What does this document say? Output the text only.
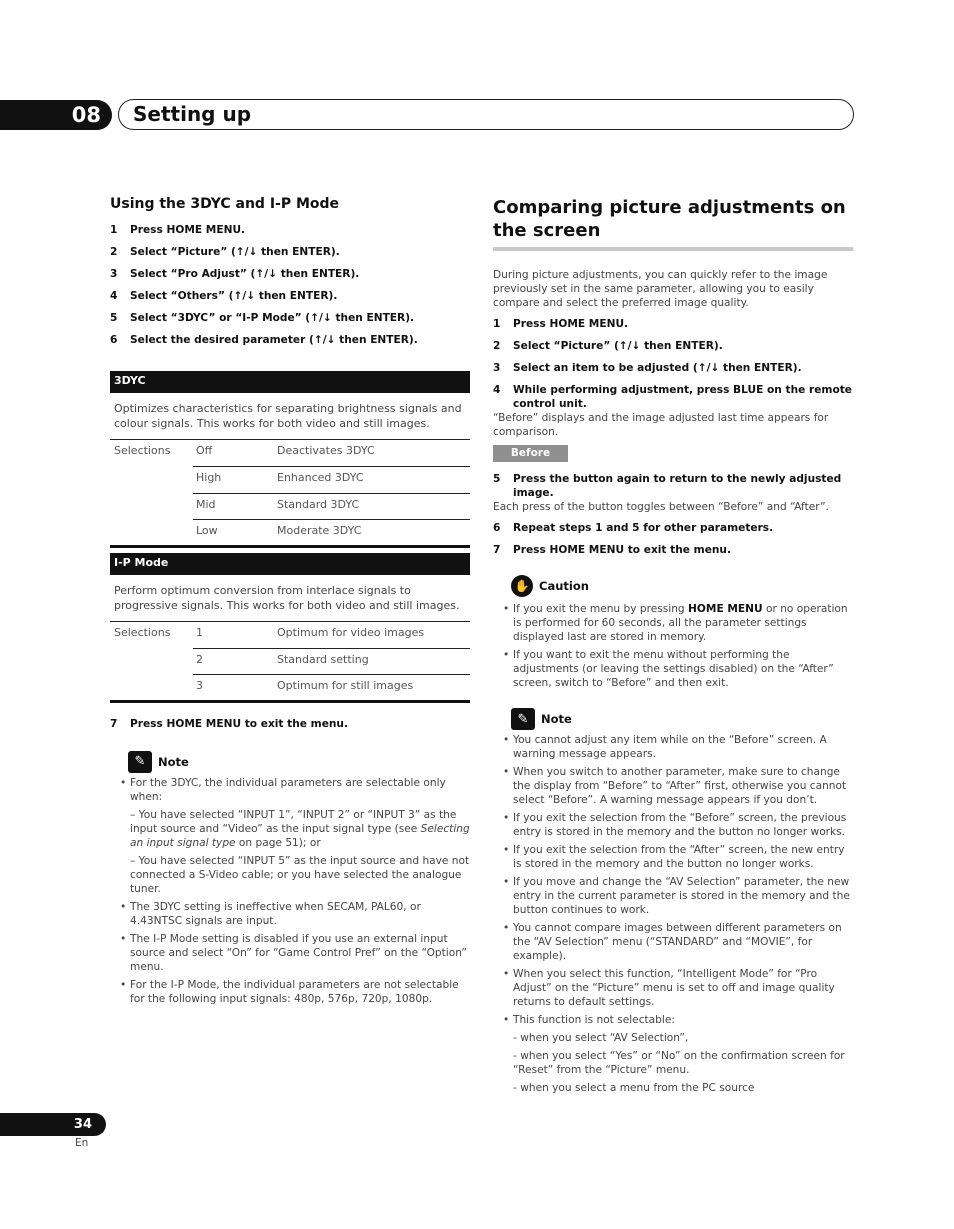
08	Setting up
Using the 3DYC and I-P Mode
1 Press HOME MENU.
2 Select “Picture” (↑/↓ then ENTER).
3 Select “Pro Adjust” (↑/↓ then ENTER).
4 Select “Others” (↑/↓ then ENTER).
5 Select “3DYC” or “I-P Mode” (↑/↓ then ENTER).
6 Select the desired parameter (↑/↓ then ENTER).
3DYC
Optimizes characteristics for separating brightness signals and colour signals. This works for both video and still images.
Selections	Off	Deactivates 3DYC
	High	Enhanced 3DYC
	Mid	Standard 3DYC
	Low	Moderate 3DYC
I-P Mode
Perform optimum conversion from interlace signals to progressive signals. This works for both video and still images.
Selections	1	Optimum for video images
	2	Standard setting
	3	Optimum for still images
7 Press HOME MENU to exit the menu.
✎	Note
• For the 3DYC, the individual parameters are selectable only when:
– You have selected “INPUT 1”, “INPUT 2” or “INPUT 3” as the input source and “Video” as the input signal type (see Selecting an input signal type on page 51); or
– You have selected “INPUT 5” as the input source and have not connected a S-Video cable; or you have selected the analogue tuner.
• The 3DYC setting is ineffective when SECAM, PAL60, or 4.43NTSC signals are input.
• The I-P Mode setting is disabled if you use an external input source and select “On” for “Game Control Pref” on the “Option” menu.
• For the I-P Mode, the individual parameters are not selectable for the following input signals: 480p, 576p, 720p, 1080p.
Comparing picture adjustments on the screen
During picture adjustments, you can quickly refer to the image previously set in the same parameter, allowing you to easily compare and select the preferred image quality.
1 Press HOME MENU.
2 Select “Picture” (↑/↓ then ENTER).
3 Select an item to be adjusted (↑/↓ then ENTER).
4 While performing adjustment, press BLUE on the remote control unit.
“Before” displays and the image adjusted last time appears for comparison.
Before
5 Press the button again to return to the newly adjusted image.
Each press of the button toggles between “Before” and “After”.
6 Repeat steps 1 and 5 for other parameters.
7 Press HOME MENU to exit the menu.
✋ Caution
• If you exit the menu by pressing HOME MENU or no operation is performed for 60 seconds, all the parameter settings displayed last are stored in memory.
• If you want to exit the menu without performing the adjustments (or leaving the settings disabled) on the “After” screen, switch to “Before” and then exit.
✎	Note
• You cannot adjust any item while on the “Before” screen. A warning message appears.
• When you switch to another parameter, make sure to change the display from “Before” to “After” first, otherwise you cannot select “Before”. A warning message appears if you don’t.
• If you exit the selection from the “Before” screen, the previous entry is stored in the memory and the button no longer works.
• If you exit the selection from the “After” screen, the new entry is stored in the memory and the button no longer works.
• If you move and change the “AV Selection” parameter, the new entry in the current parameter is stored in the memory and the button continues to work.
• You cannot compare images between different parameters on the “AV Selection” menu (“STANDARD” and “MOVIE”, for example).
• When you select this function, “Intelligent Mode” for “Pro Adjust” on the “Picture” menu is set to off and image quality returns to default settings.
• This function is not selectable:
- when you select “AV Selection”,
- when you select “Yes” or “No” on the confirmation screen for “Reset” from the “Picture” menu.
- when you select a menu from the PC source
34
En
